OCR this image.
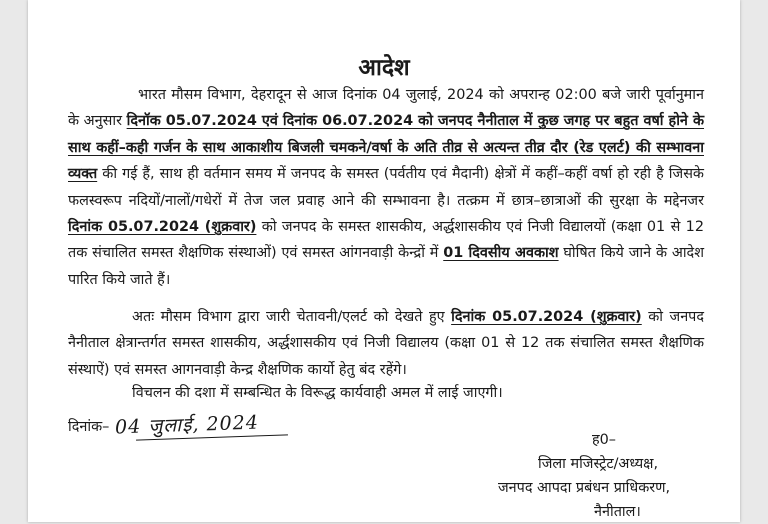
आदेश
भारत मौसम विभाग, देहरादून से आज दिनांक 04 जुलाई, 2024 को अपरान्ह 02:00 बजे जारी पूर्वानुमान के अनुसार दिनॉक 05.07.2024 एवं दिनांक 06.07.2024 को जनपद नैनीताल में कुछ जगह पर बहुत वर्षा होने के साथ कहीं–कही गर्जन के साथ आकाशीय बिजली चमकने/वर्षा के अति तीव्र से अत्यन्त तीव्र दौर (रेड एलर्ट) की सम्भावना व्यक्त की गई हैं, साथ ही वर्तमान समय में जनपद के समस्त (पर्वतीय एवं मैदानी) क्षेत्रों में कहीं–कहीं वर्षा हो रही है जिसके फलस्वरूप नदियों/नालों/गधेरों में तेज जल प्रवाह आने की सम्भावना है। तत्क्रम में छात्र–छात्राओं की सुरक्षा के मद्देनजर दिनांक 05.07.2024 (शुक्रवार) को जनपद के समस्त शासकीय, अर्द्धशासकीय एवं निजी विद्यालयों (कक्षा 01 से 12 तक संचालित समस्त शैक्षणिक संस्थाओं) एवं समस्त आंगनवाड़ी केन्द्रों में 01 दिवसीय अवकाश घोषित किये जाने के आदेश पारित किये जाते हैं।
अतः मौसम विभाग द्वारा जारी चेतावनी/एलर्ट को देखते हुए दिनांक 05.07.2024 (शुक्रवार) को जनपद नैनीताल क्षेत्रान्तर्गत समस्त शासकीय, अर्द्धशासकीय एवं निजी विद्यालय (कक्षा 01 से 12 तक संचालित समस्त शैक्षणिक संस्थाऐं) एवं समस्त आगनवाड़ी केन्द्र शैक्षणिक कार्यो हेतु बंद रहेंगे।
विचलन की दशा में सम्बन्धित के विरूद्ध कार्यवाही अमल में लाई जाएगी।
दिनांक– 04 जुलाई, 2024
ह0–
जिला मजिस्ट्रेट/अध्यक्ष,
जनपद आपदा प्रबंधन प्राधिकरण,
नैनीताल।
